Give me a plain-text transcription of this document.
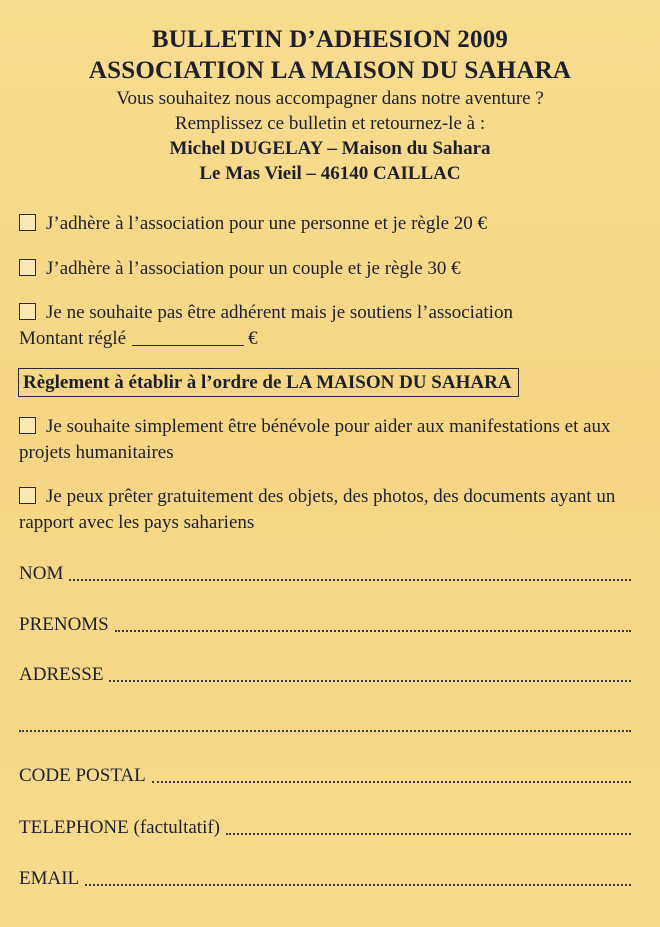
BULLETIN D’ADHESION 2009
ASSOCIATION LA MAISON DU SAHARA
Vous souhaitez nous accompagner dans notre aventure ?
Remplissez ce bulletin et retournez-le à :
Michel DUGELAY – Maison du Sahara
Le Mas Vieil – 46140 CAILLAC
J’adhère à l’association pour une personne et je règle 20 €
J’adhère à l’association pour un couple et je règle 30 €
Je ne souhaite pas être adhérent mais je soutiens l’association
Montant réglé	€
Règlement à établir à l’ordre de LA MAISON DU SAHARA
Je souhaite simplement être bénévole pour aider aux manifestations et aux projets humanitaires
Je peux prêter gratuitement des objets, des photos, des documents ayant un rapport avec les pays sahariens
NOM
PRENOMS
ADRESSE
CODE POSTAL
TELEPHONE (factultatif)
EMAIL
